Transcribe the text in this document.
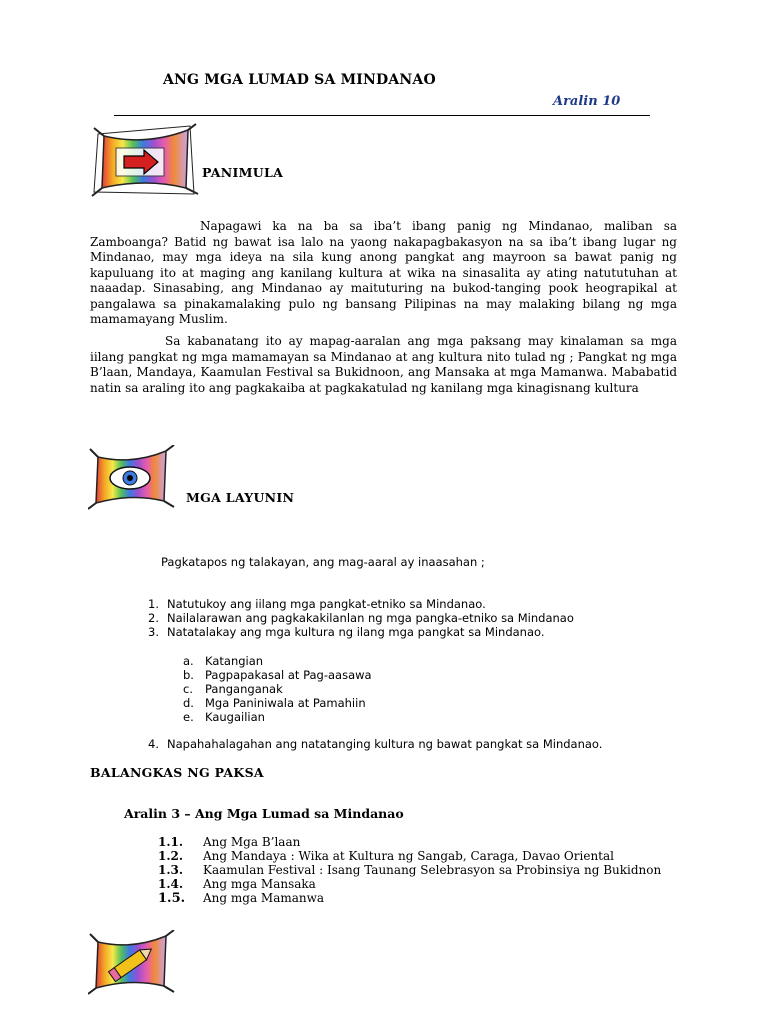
ANG MGA LUMAD SA MINDANAO
Aralin 10
PANIMULA

Napagawi ka na ba sa iba’t ibang panig ng Mindanao, maliban sa Zamboanga? Batid ng bawat isa lalo na yaong nakapagbakasyon na sa iba’t ibang lugar ng Mindanao, may mga ideya na sila kung anong pangkat ang mayroon sa bawat panig ng kapuluang ito at maging ang kanilang kultura at wika na sinasalita ay ating natututuhan at naaadap. Sinasabing, ang Mindanao ay maituturing na bukod-tanging pook heograpikal at pangalawa sa pinakamalaking pulo ng bansang Pilipinas na may malaking bilang ng mga mamamayang Muslim.

Sa kabanatang ito ay mapag-aaralan ang mga paksang may kinalaman sa mga iilang pangkat ng mga mamamayan sa Mindanao at ang kultura nito tulad ng ; Pangkat ng mga B’laan, Mandaya, Kaamulan Festival sa Bukidnoon, ang Mansaka at mga Mamanwa. Mababatid natin sa araling ito ang pagkakaiba at pagkakatulad ng kanilang mga kinagisnang kultura

MGA LAYUNIN
Pagkatapos ng talakayan, ang mag-aaral ay inaasahan ;
1. Natutukoy ang iilang mga pangkat-etniko sa Mindanao.
2. Nailalarawan ang pagkakakilanlan ng mga pangka-etniko sa Mindanao
3. Natatalakay ang mga kultura ng ilang mga pangkat sa Mindanao.
a. Katangian
b. Pagpapakasal at Pag-aasawa
c. Panganganak
d. Mga Paniniwala at Pamahiin
e. Kaugailian
4. Napahahalagahan ang natatanging kultura ng bawat pangkat sa Mindanao.
BALANGKAS NG PAKSA
Aralin 3 – Ang Mga Lumad sa Mindanao
1.1. Ang Mga B’laan
1.2. Ang Mandaya : Wika at Kultura ng Sangab, Caraga, Davao Oriental
1.3. Kaamulan Festival : Isang Taunang Selebrasyon sa Probinsiya ng Bukidnon
1.4. Ang mga Mansaka
1.5. Ang mga Mamanwa
